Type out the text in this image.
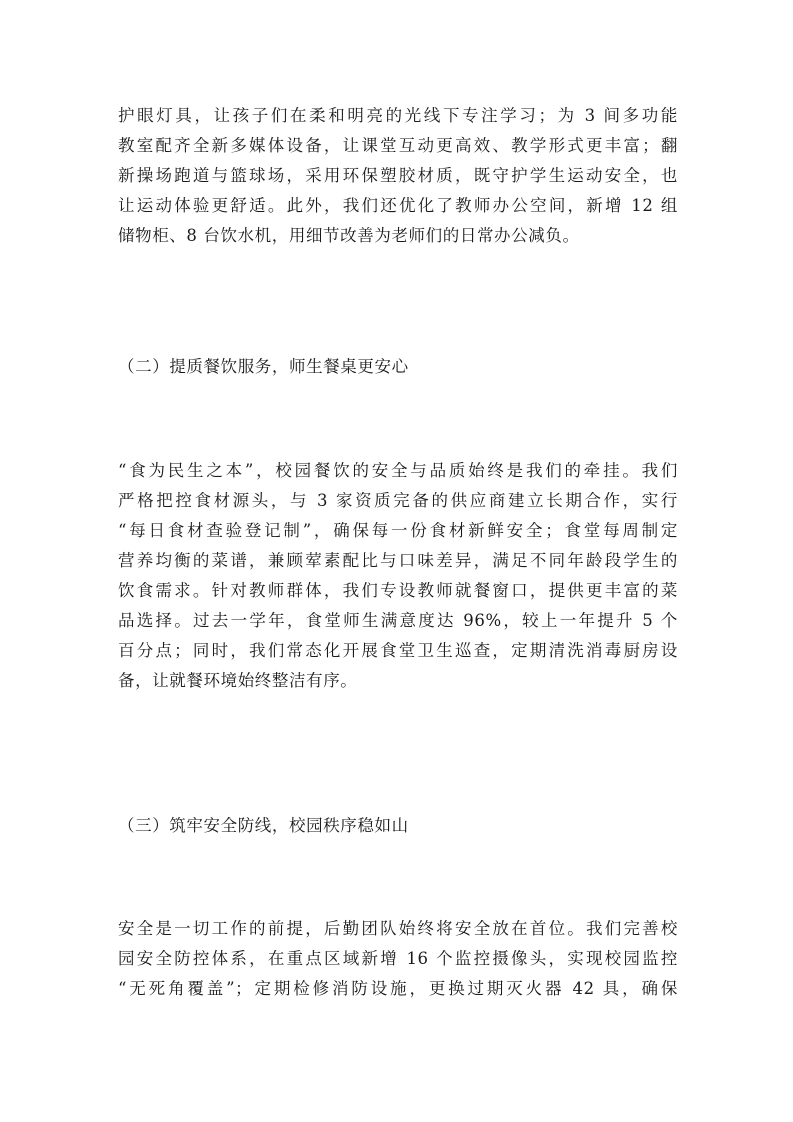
护眼灯具，让孩子们在柔和明亮的光线下专注学习；为 3 间多功能
教室配齐全新多媒体设备，让课堂互动更高效、教学形式更丰富；翻
新操场跑道与篮球场，采用环保塑胶材质，既守护学生运动安全，也
让运动体验更舒适。此外，我们还优化了教师办公空间，新增 12 组
储物柜、8 台饮水机，用细节改善为老师们的日常办公减负。
（二）提质餐饮服务，师生餐桌更安心
“食为民生之本”，校园餐饮的安全与品质始终是我们的牵挂。我们
严格把控食材源头，与 3 家资质完备的供应商建立长期合作，实行
“每日食材查验登记制”，确保每一份食材新鲜安全；食堂每周制定
营养均衡的菜谱，兼顾荤素配比与口味差异，满足不同年龄段学生的
饮食需求。针对教师群体，我们专设教师就餐窗口，提供更丰富的菜
品选择。过去一学年，食堂师生满意度达 96%，较上一年提升 5 个
百分点；同时，我们常态化开展食堂卫生巡查，定期清洗消毒厨房设
备，让就餐环境始终整洁有序。
（三）筑牢安全防线，校园秩序稳如山
安全是一切工作的前提，后勤团队始终将安全放在首位。我们完善校
园安全防控体系，在重点区域新增 16 个监控摄像头，实现校园监控
“无死角覆盖”；定期检修消防设施，更换过期灭火器 42 具，确保
